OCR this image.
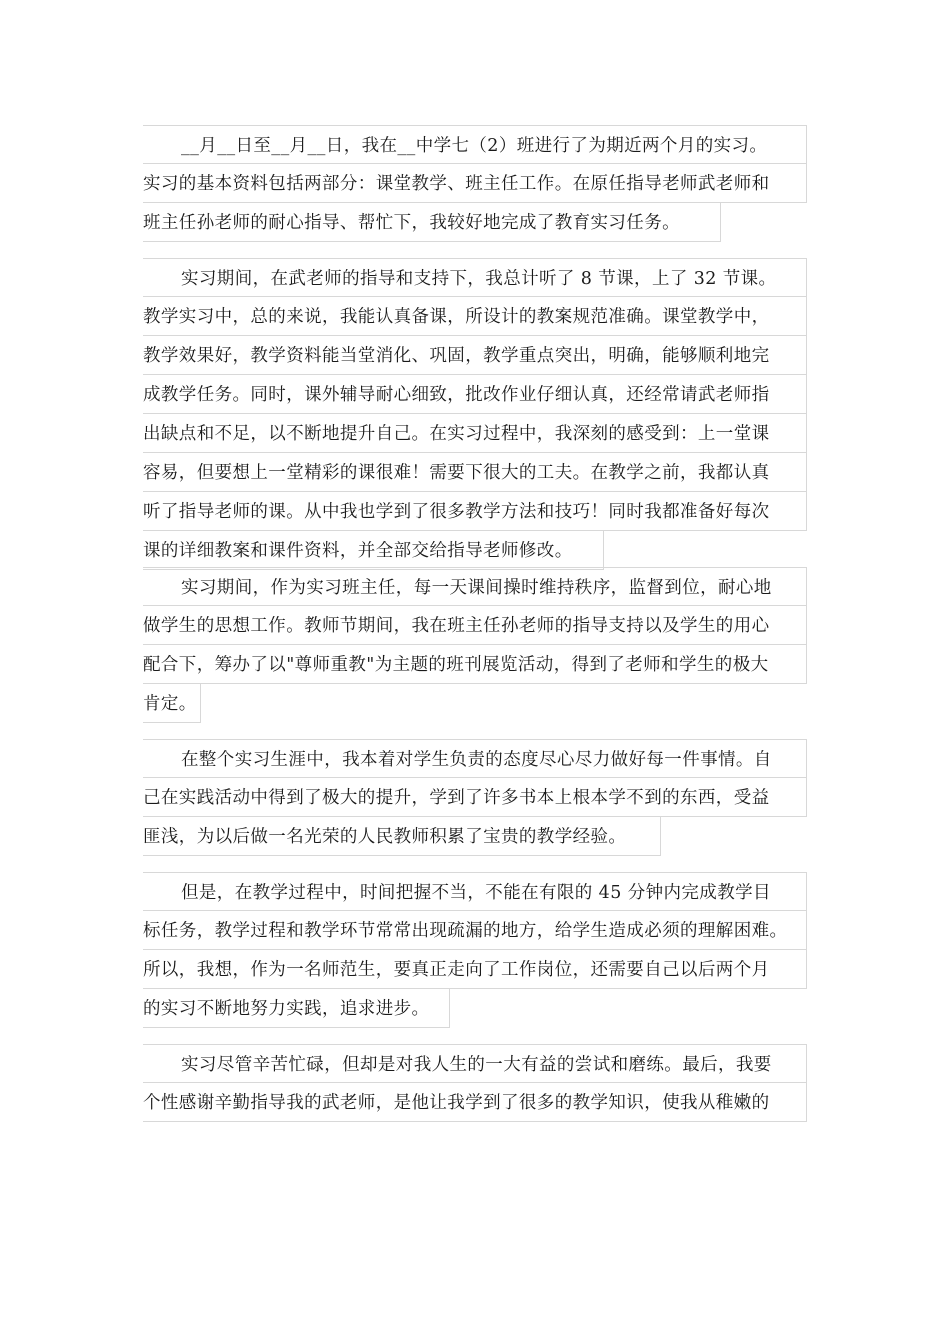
__月__日至__月__日，我在__中学七（2）班进行了为期近两个月的实习。
实习的基本资料包括两部分：课堂教学、班主任工作。在原任指导老师武老师和
班主任孙老师的耐心指导、帮忙下，我较好地完成了教育实习任务。
实习期间，在武老师的指导和支持下，我总计听了 8 节课，上了 32 节课。
教学实习中，总的来说，我能认真备课，所设计的教案规范准确。课堂教学中，
教学效果好，教学资料能当堂消化、巩固，教学重点突出，明确，能够顺利地完
成教学任务。同时，课外辅导耐心细致，批改作业仔细认真，还经常请武老师指
出缺点和不足，以不断地提升自己。在实习过程中，我深刻的感受到：上一堂课
容易，但要想上一堂精彩的课很难！需要下很大的工夫。在教学之前，我都认真
听了指导老师的课。从中我也学到了很多教学方法和技巧！同时我都准备好每次
课的详细教案和课件资料，并全部交给指导老师修改。
实习期间，作为实习班主任，每一天课间操时维持秩序，监督到位，耐心地
做学生的思想工作。教师节期间，我在班主任孙老师的指导支持以及学生的用心
配合下，筹办了以"尊师重教"为主题的班刊展览活动，得到了老师和学生的极大
肯定。
在整个实习生涯中，我本着对学生负责的态度尽心尽力做好每一件事情。自
己在实践活动中得到了极大的提升，学到了许多书本上根本学不到的东西，受益
匪浅，为以后做一名光荣的人民教师积累了宝贵的教学经验。
但是，在教学过程中，时间把握不当，不能在有限的 45 分钟内完成教学目
标任务，教学过程和教学环节常常出现疏漏的地方，给学生造成必须的理解困难。
所以，我想，作为一名师范生，要真正走向了工作岗位，还需要自己以后两个月
的实习不断地努力实践，追求进步。
实习尽管辛苦忙碌，但却是对我人生的一大有益的尝试和磨练。最后，我要
个性感谢辛勤指导我的武老师，是他让我学到了很多的教学知识，使我从稚嫩的
